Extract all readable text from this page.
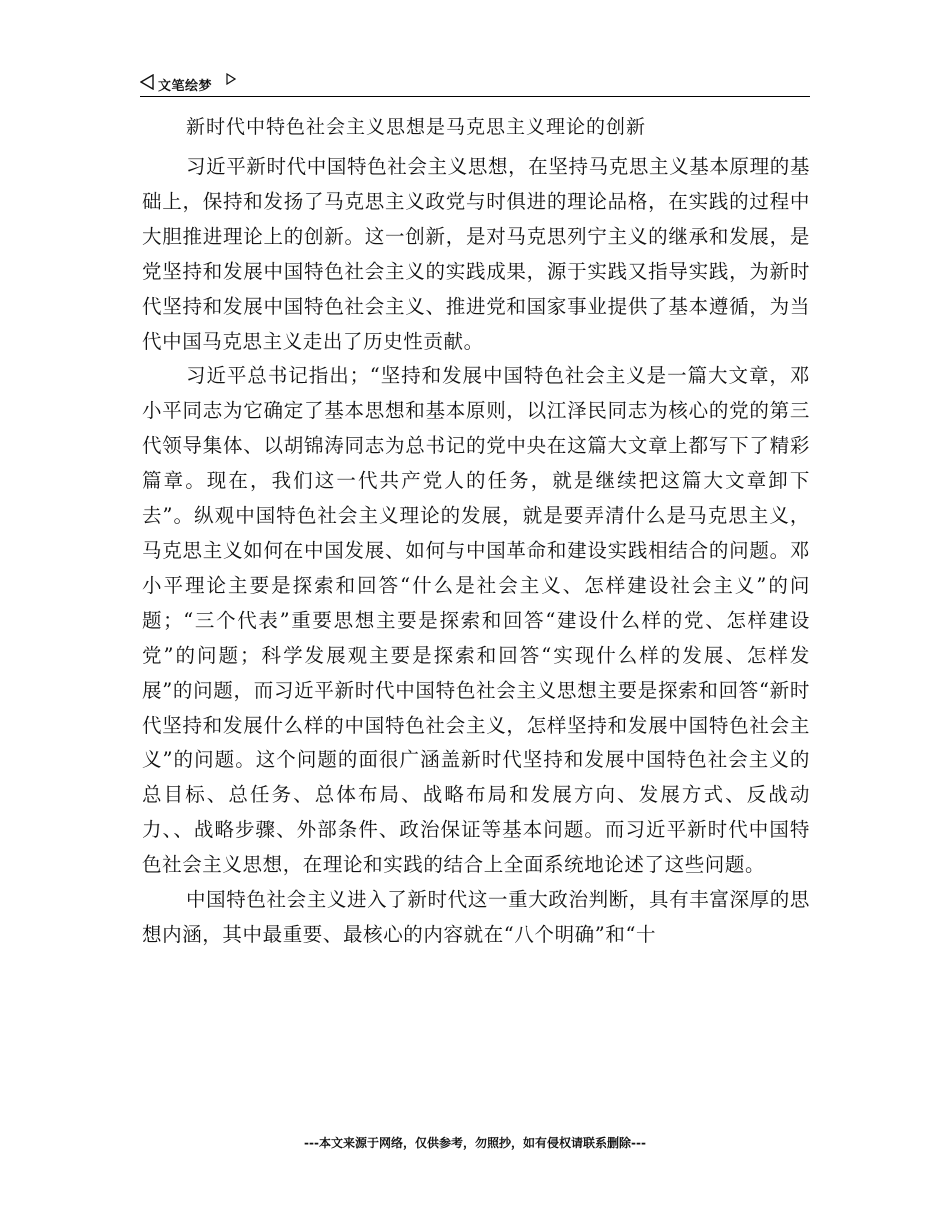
文笔绘梦
新时代中特色社会主义思想是马克思主义理论的创新

习近平新时代中国特色社会主义思想，在坚持马克思主义基本原理的基础上，保持和发扬了马克思主义政党与时俱进的理论品格，在实践的过程中大胆推进理论上的创新。这一创新，是对马克思列宁主义的继承和发展，是党坚持和发展中国特色社会主义的实践成果，源于实践又指导实践，为新时代坚持和发展中国特色社会主义、推进党和国家事业提供了基本遵循，为当代中国马克思主义走出了历史性贡献。

习近平总书记指出；“坚持和发展中国特色社会主义是一篇大文章，邓小平同志为它确定了基本思想和基本原则，以江泽民同志为核心的党的第三代领导集体、以胡锦涛同志为总书记的党中央在这篇大文章上都写下了精彩篇章。现在，我们这一代共产党人的任务，就是继续把这篇大文章卸下去”。纵观中国特色社会主义理论的发展，就是要弄清什么是马克思主义，马克思主义如何在中国发展、如何与中国革命和建设实践相结合的问题。邓小平理论主要是探索和回答“什么是社会主义、怎样建设社会主义”的问题；“三个代表”重要思想主要是探索和回答“建设什么样的党、怎样建设党”的问题；科学发展观主要是探索和回答“实现什么样的发展、怎样发展”的问题，而习近平新时代中国特色社会主义思想主要是探索和回答“新时代坚持和发展什么样的中国特色社会主义，怎样坚持和发展中国特色社会主义”的问题。这个问题的面很广涵盖新时代坚持和发展中国特色社会主义的总目标、总任务、总体布局、战略布局和发展方向、发展方式、反战动力、、战略步骤、外部条件、政治保证等基本问题。而习近平新时代中国特色社会主义思想，在理论和实践的结合上全面系统地论述了这些问题。

中国特色社会主义进入了新时代这一重大政治判断，具有丰富深厚的思想内涵，其中最重要、最核心的内容就在“八个明确”和“十

---本文来源于网络，仅供参考，勿照抄，如有侵权请联系删除---
